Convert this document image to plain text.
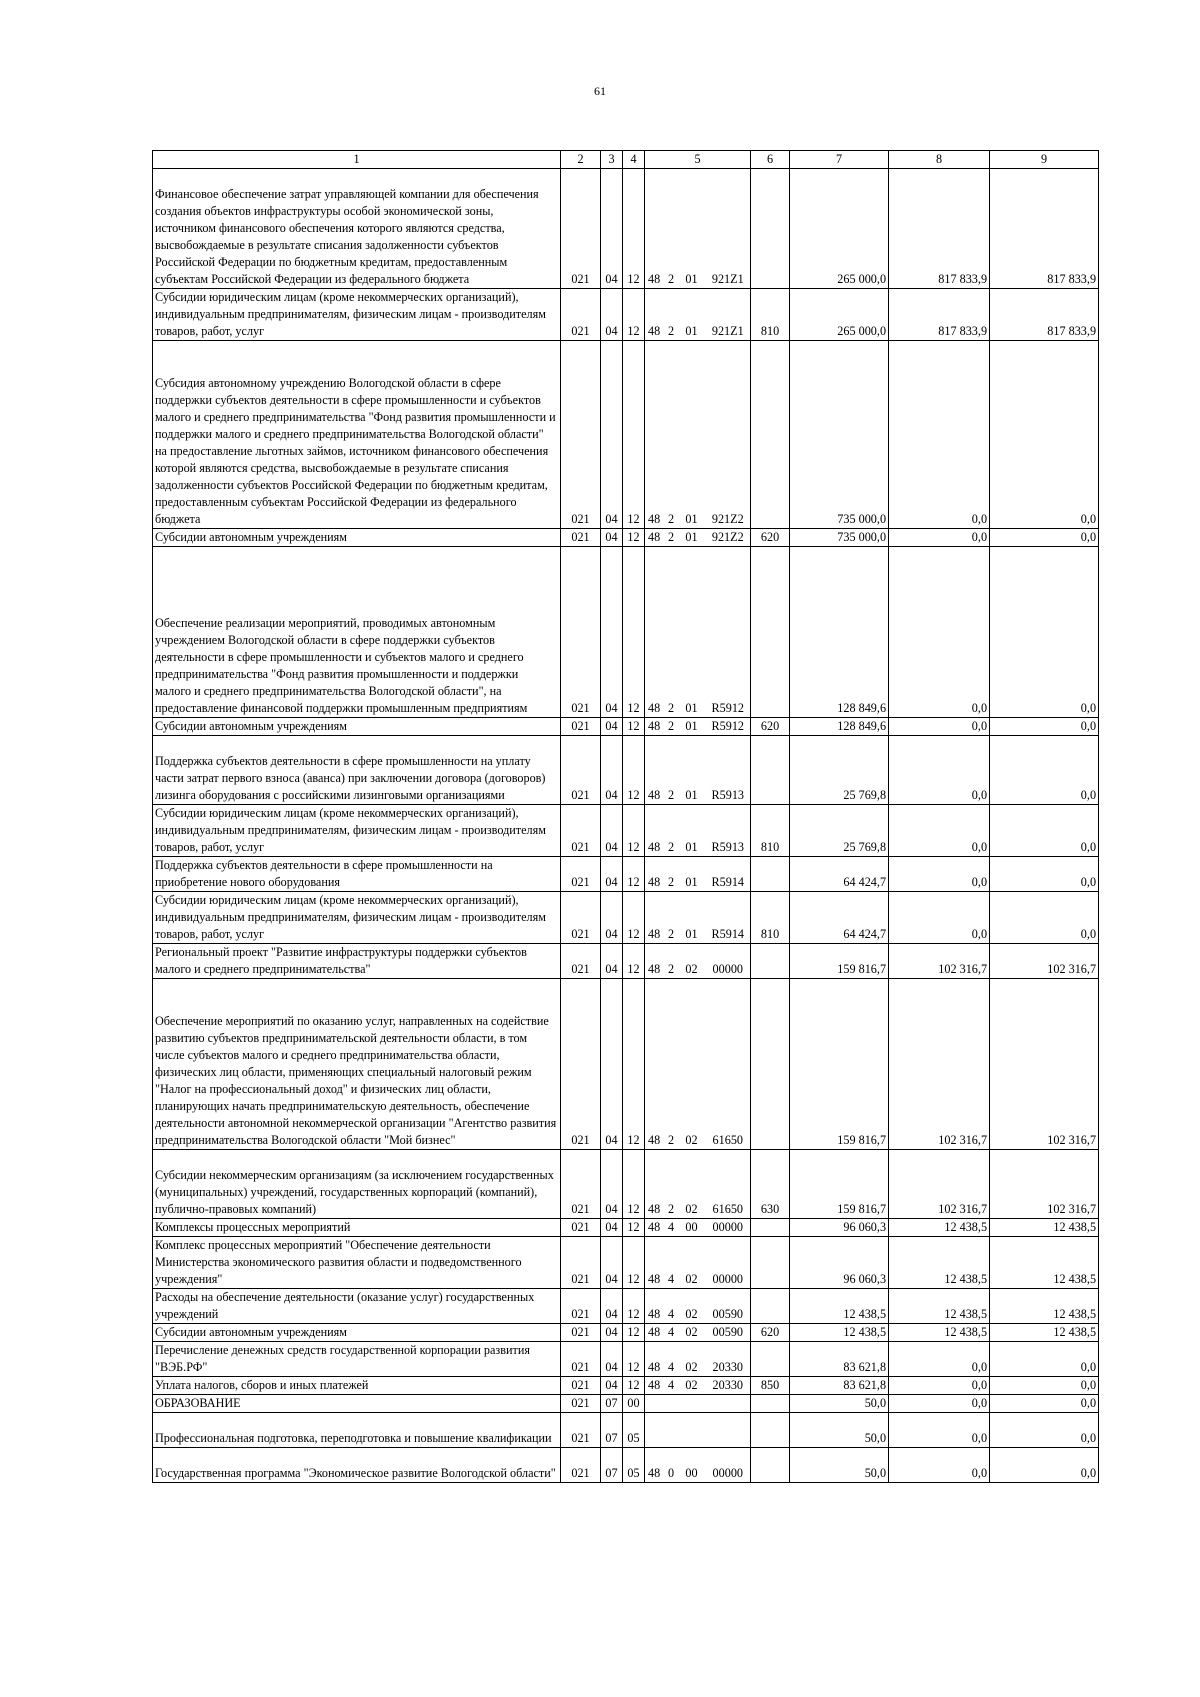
61
1	2	3	4	5				6	7	8	9
Финансовое обеспечение затрат управляющей компании для обеспечения создания объектов инфраструктуры особой экономической зоны, источником финансового обеспечения которого являются средства, высвобождаемые в результате списания задолженности субъектов Российской Федерации по бюджетным кредитам, предоставленным субъектам Российской Федерации из федерального бюджета	021	04	12	48	2	01	921Z1		265 000,0	817 833,9	817 833,9
Субсидии юридическим лицам (кроме некоммерческих организаций), индивидуальным предпринимателям, физическим лицам - производителям товаров, работ, услуг	021	04	12	48	2	01	921Z1	810	265 000,0	817 833,9	817 833,9
Субсидия автономному учреждению Вологодской области в сфере поддержки субъектов деятельности в сфере промышленности и субъектов малого и среднего предпринимательства "Фонд развития промышленности и поддержки малого и среднего предпринимательства Вологодской области" на предоставление льготных займов, источником финансового обеспечения которой являются средства, высвобождаемые в результате списания задолженности субъектов Российской Федерации по бюджетным кредитам, предоставленным субъектам Российской Федерации из федерального бюджета	021	04	12	48	2	01	921Z2		735 000,0	0,0	0,0
Субсидии автономным учреждениям	021	04	12	48	2	01	921Z2	620	735 000,0	0,0	0,0
Обеспечение реализации мероприятий, проводимых автономным учреждением Вологодской области в сфере поддержки субъектов деятельности в сфере промышленности и субъектов малого и среднего предпринимательства "Фонд развития промышленности и поддержки малого и среднего предпринимательства Вологодской области", на предоставление финансовой поддержки промышленным предприятиям	021	04	12	48	2	01	R5912		128 849,6	0,0	0,0
Субсидии автономным учреждениям	021	04	12	48	2	01	R5912	620	128 849,6	0,0	0,0
Поддержка субъектов деятельности в сфере промышленности на уплату части затрат первого взноса (аванса) при заключении договора (договоров) лизинга оборудования с российскими лизинговыми организациями	021	04	12	48	2	01	R5913		25 769,8	0,0	0,0
Субсидии юридическим лицам (кроме некоммерческих организаций), индивидуальным предпринимателям, физическим лицам - производителям товаров, работ, услуг	021	04	12	48	2	01	R5913	810	25 769,8	0,0	0,0
Поддержка субъектов деятельности в сфере промышленности на приобретение нового оборудования	021	04	12	48	2	01	R5914		64 424,7	0,0	0,0
Субсидии юридическим лицам (кроме некоммерческих организаций), индивидуальным предпринимателям, физическим лицам - производителям товаров, работ, услуг	021	04	12	48	2	01	R5914	810	64 424,7	0,0	0,0
Региональный проект "Развитие инфраструктуры поддержки субъектов малого и среднего предпринимательства"	021	04	12	48	2	02	00000		159 816,7	102 316,7	102 316,7
Обеспечение мероприятий по оказанию услуг, направленных на содействие развитию субъектов предпринимательской деятельности области, в том числе субъектов малого и среднего предпринимательства области, физических лиц области, применяющих специальный налоговый режим "Налог на профессиональный доход" и физических лиц области, планирующих начать предпринимательскую деятельность, обеспечение деятельности автономной некоммерческой организации "Агентство развития предпринимательства Вологодской области "Мой бизнес"	021	04	12	48	2	02	61650		159 816,7	102 316,7	102 316,7
Субсидии некоммерческим организациям (за исключением государственных (муниципальных) учреждений, государственных корпораций (компаний), публично-правовых компаний)	021	04	12	48	2	02	61650	630	159 816,7	102 316,7	102 316,7
Комплексы процессных мероприятий	021	04	12	48	4	00	00000		96 060,3	12 438,5	12 438,5
Комплекс процессных мероприятий "Обеспечение деятельности Министерства экономического развития области и подведомственного учреждения"	021	04	12	48	4	02	00000		96 060,3	12 438,5	12 438,5
Расходы на обеспечение деятельности (оказание услуг) государственных учреждений	021	04	12	48	4	02	00590		12 438,5	12 438,5	12 438,5
Субсидии автономным учреждениям	021	04	12	48	4	02	00590	620	12 438,5	12 438,5	12 438,5
Перечисление денежных средств государственной корпорации развития "ВЭБ.РФ"	021	04	12	48	4	02	20330		83 621,8	0,0	0,0
Уплата налогов, сборов и иных платежей	021	04	12	48	4	02	20330	850	83 621,8	0,0	0,0
ОБРАЗОВАНИЕ	021	07	00						50,0	0,0	0,0
Профессиональная подготовка, переподготовка и повышение квалификации	021	07	05						50,0	0,0	0,0
Государственная программа "Экономическое развитие Вологодской области"	021	07	05	48	0	00	00000		50,0	0,0	0,0
